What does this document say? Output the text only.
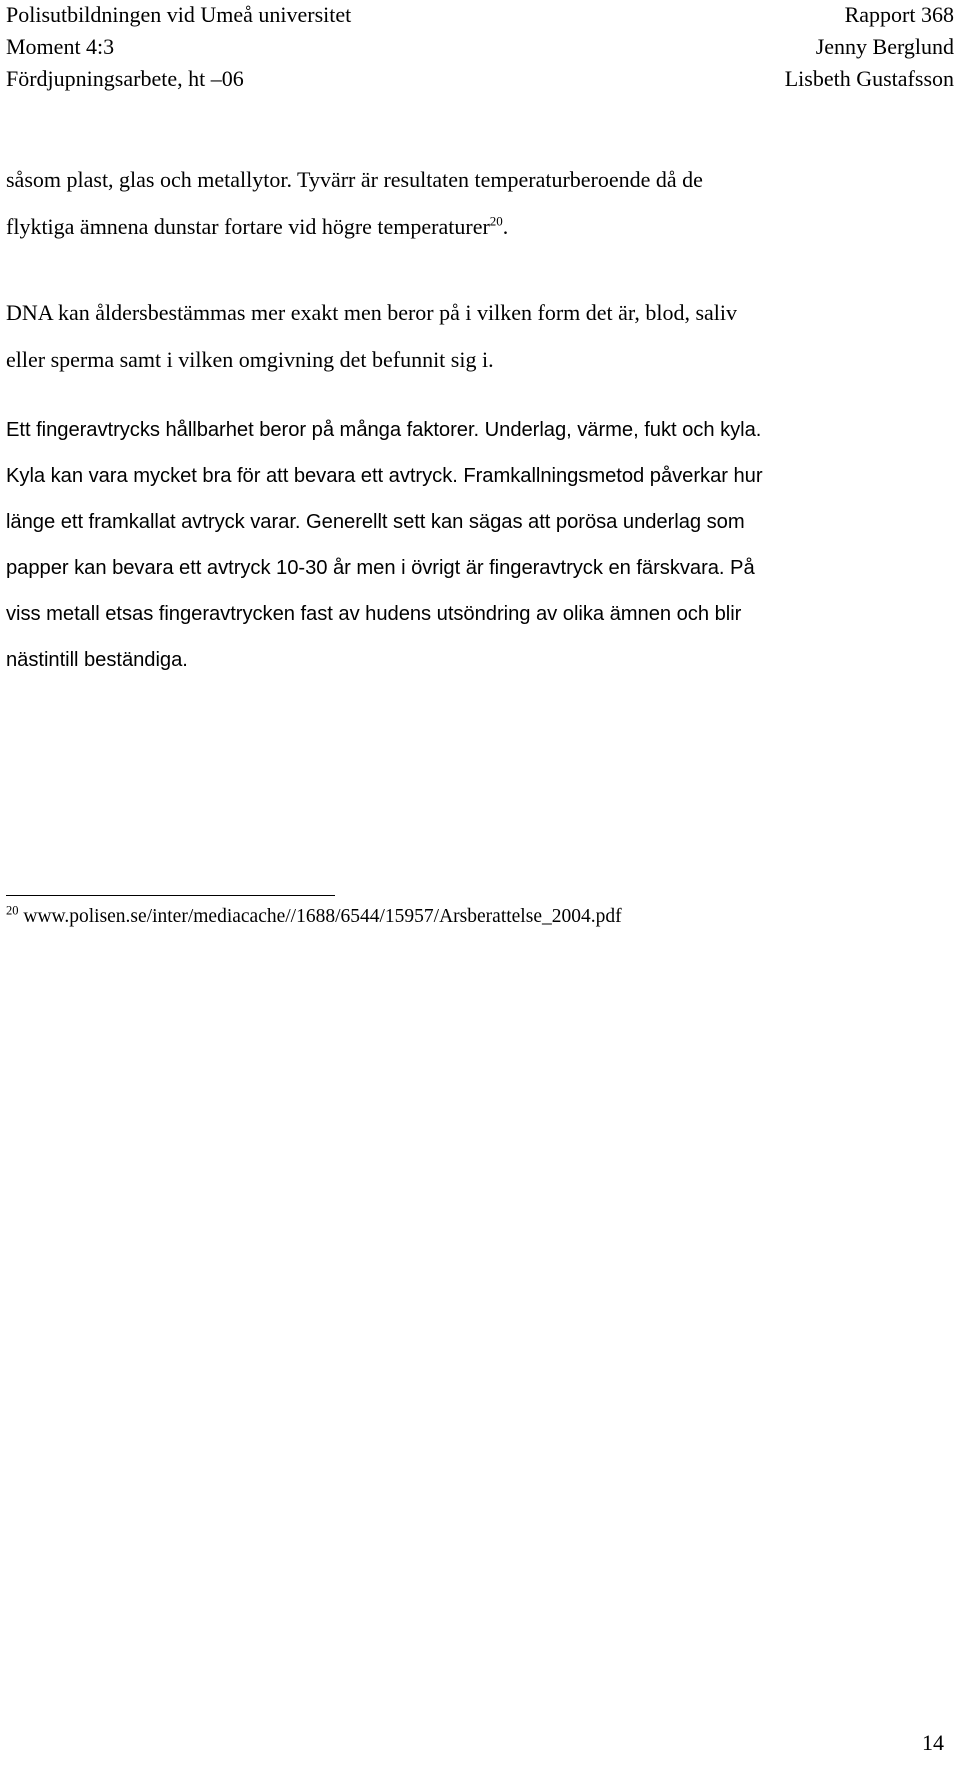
Polisutbildningen vid Umeå universitet	Rapport 368
Moment 4:3	Jenny Berglund
Fördjupningsarbete, ht –06	Lisbeth Gustafsson
såsom plast, glas och metallytor. Tyvärr är resultaten temperaturberoende då de
flyktiga ämnena dunstar fortare vid högre temperaturer$^{20}$.
DNA kan åldersbestämmas mer exakt men beror på i vilken form det är, blod, saliv
eller sperma samt i vilken omgivning det befunnit sig i.
Ett fingeravtrycks hållbarhet beror på många faktorer. Underlag, värme, fukt och kyla.
Kyla kan vara mycket bra för att bevara ett avtryck. Framkallningsmetod påverkar hur
länge ett framkallat avtryck varar. Generellt sett kan sägas att porösa underlag som
papper kan bevara ett avtryck 10-30 år men i övrigt är fingeravtryck en färskvara. På
viss metall etsas fingeravtrycken fast av hudens utsöndring av olika ämnen och blir
nästintill beständiga.
$^{20}$ www.polisen.se/inter/mediacache//1688/6544/15957/Arsberattelse_2004.pdf
14
